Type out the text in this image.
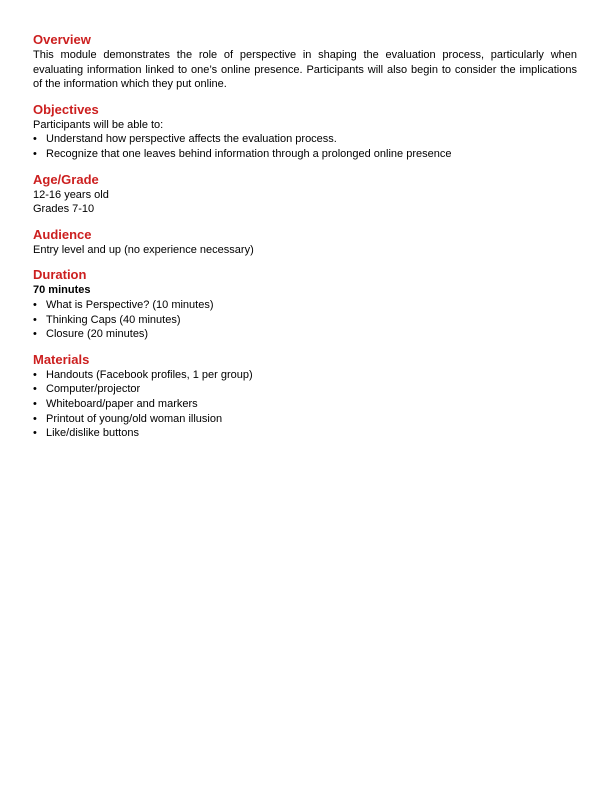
Overview

This module demonstrates the role of perspective in shaping the evaluation process, particularly when evaluating information linked to one’s online presence. Participants will also begin to consider the implications of the information which they put online.

Objectives

Participants will be able to:

• Understand how perspective affects the evaluation process.
• Recognize that one leaves behind information through a prolonged online presence
Age/Grade

12-16 years old

Grades 7-10

Audience

Entry level and up (no experience necessary)

Duration

70 minutes

• What is Perspective? (10 minutes)
• Thinking Caps (40 minutes)
• Closure (20 minutes)
Materials
• Handouts (Facebook profiles, 1 per group)
• Computer/projector
• Whiteboard/paper and markers
• Printout of young/old woman illusion
• Like/dislike buttons
